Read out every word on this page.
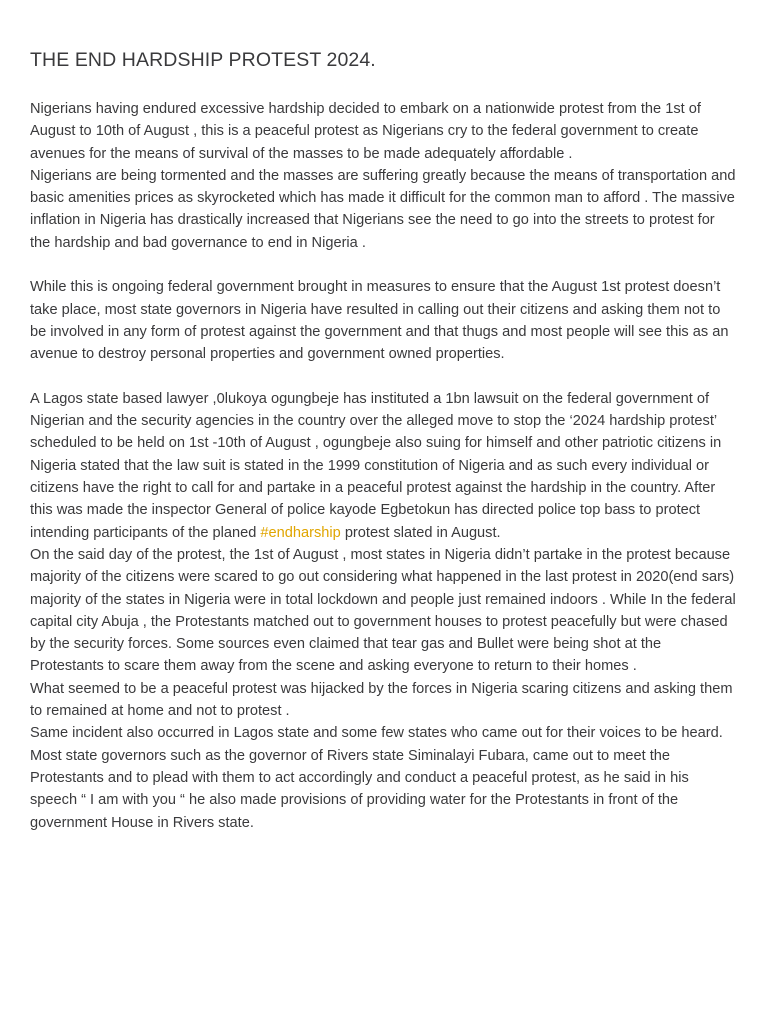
THE END HARDSHIP PROTEST 2024.

Nigerians having endured excessive hardship decided to embark on a nationwide protest from the 1st of August to 10th of August , this is a peaceful protest as Nigerians cry to the federal government to create avenues for the means of survival of the masses to be made adequately affordable .

Nigerians are being tormented and the masses are suffering greatly because the means of transportation and basic amenities prices as skyrocketed which has made it difficult for the common man to afford . The massive inflation in Nigeria has drastically increased that Nigerians see the need to go into the streets to protest for the hardship and bad governance to end in Nigeria .

While this is ongoing federal government brought in measures to ensure that the August 1st protest doesn’t take place, most state governors in Nigeria have resulted in calling out their citizens and asking them not to be involved in any form of protest against the government and that thugs and most people will see this as an avenue to destroy personal properties and government owned properties.

A Lagos state based lawyer ,0lukoya ogungbeje has instituted a 1bn lawsuit on the federal government of Nigerian and the security agencies in the country over the alleged move to stop the ‘2024 hardship protest’ scheduled to be held on 1st -10th of August , ogungbeje also suing for himself and other patriotic citizens in Nigeria stated that the law suit is stated in the 1999 constitution of Nigeria and as such every individual or citizens have the right to call for and partake in a peaceful protest against the hardship in the country. After this was made the inspector General of police kayode Egbetokun has directed police top bass to protect intending participants of the planed #endharship protest slated in August.

On the said day of the protest, the 1st of August , most states in Nigeria didn’t partake in the protest because majority of the citizens were scared to go out considering what happened in the last protest in 2020(end sars) majority of the states in Nigeria were in total lockdown and people just remained indoors . While In the federal capital city Abuja , the Protestants matched out to government houses to protest peacefully but were chased by the security forces. Some sources even claimed that tear gas and Bullet were being shot at the Protestants to scare them away from the scene and asking everyone to return to their homes .

What seemed to be a peaceful protest was hijacked by the forces in Nigeria scaring citizens and asking them to remained at home and not to protest .

Same incident also occurred in Lagos state and some few states who came out for their voices to be heard.

Most state governors such as the governor of Rivers state Siminalayi Fubara, came out to meet the Protestants and to plead with them to act accordingly and conduct a peaceful protest, as he said in his speech “ I am with you “ he also made provisions of providing water for the Protestants in front of the government House in Rivers state.
